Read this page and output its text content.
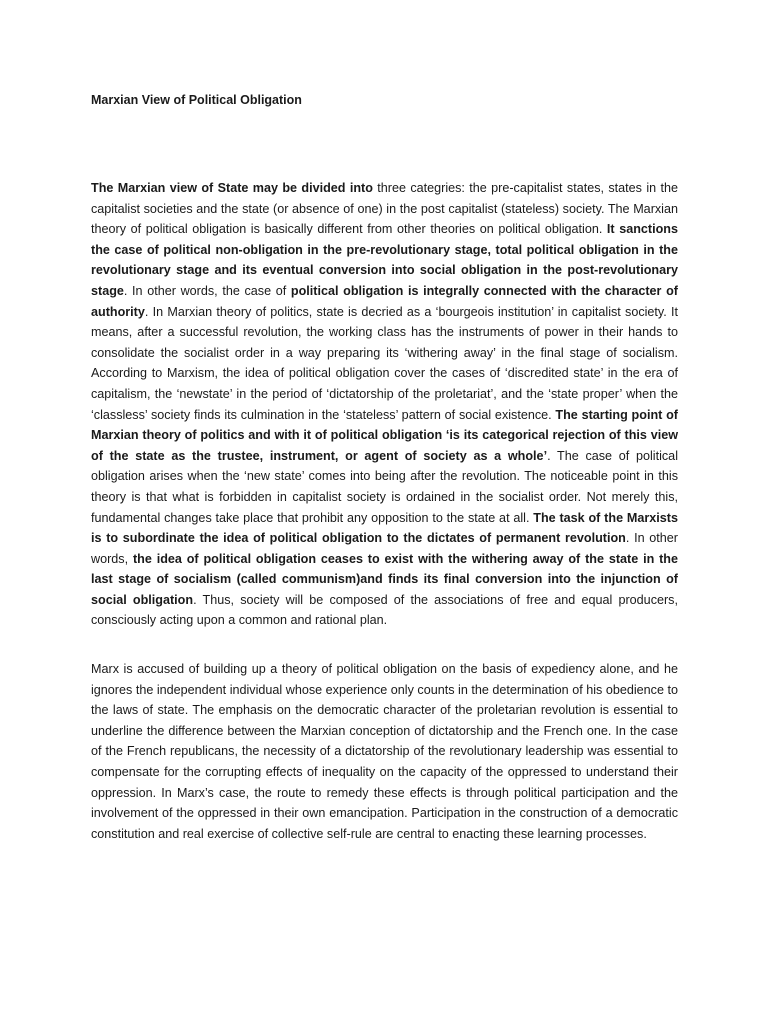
Marxian View of Political Obligation

The Marxian view of State may be divided into three categries: the pre-capitalist states, states in the capitalist societies and the state (or absence of one) in the post capitalist (stateless) society. The Marxian theory of political obligation is basically different from other theories on political obligation. It sanctions the case of political non-obligation in the pre-revolutionary stage, total political obligation in the revolutionary stage and its eventual conversion into social obligation in the post-revolutionary stage. In other words, the case of political obligation is integrally connected with the character of authority. In Marxian theory of politics, state is decried as a ‘bourgeois institution’ in capitalist society. It means, after a successful revolution, the working class has the instruments of power in their hands to consolidate the socialist order in a way preparing its ‘withering away’ in the final stage of socialism. According to Marxism, the idea of political obligation cover the cases of ‘discredited state’ in the era of capitalism, the ‘newstate’ in the period of ‘dictatorship of the proletariat’, and the ‘state proper’ when the ‘classless’ society finds its culmination in the ‘stateless’ pattern of social existence. The starting point of Marxian theory of politics and with it of political obligation ‘is its categorical rejection of this view of the state as the trustee, instrument, or agent of society as a whole’. The case of political obligation arises when the ‘new state’ comes into being after the revolution. The noticeable point in this theory is that what is forbidden in capitalist society is ordained in the socialist order. Not merely this, fundamental changes take place that prohibit any opposition to the state at all. The task of the Marxists is to subordinate the idea of political obligation to the dictates of permanent revolution. In other words, the idea of political obligation ceases to exist with the withering away of the state in the last stage of socialism (called communism)and finds its final conversion into the injunction of social obligation. Thus, society will be composed of the associations of free and equal producers, consciously acting upon a common and rational plan.

Marx is accused of building up a theory of political obligation on the basis of expediency alone, and he ignores the independent individual whose experience only counts in the determination of his obedience to the laws of state. The emphasis on the democratic character of the proletarian revolution is essential to underline the difference between the Marxian conception of dictatorship and the French one. In the case of the French republicans, the necessity of a dictatorship of the revolutionary leadership was essential to compensate for the corrupting effects of inequality on the capacity of the oppressed to understand their oppression. In Marx’s case, the route to remedy these effects is through political participation and the involvement of the oppressed in their own emancipation. Participation in the construction of a democratic constitution and real exercise of collective self-rule are central to enacting these learning processes.
